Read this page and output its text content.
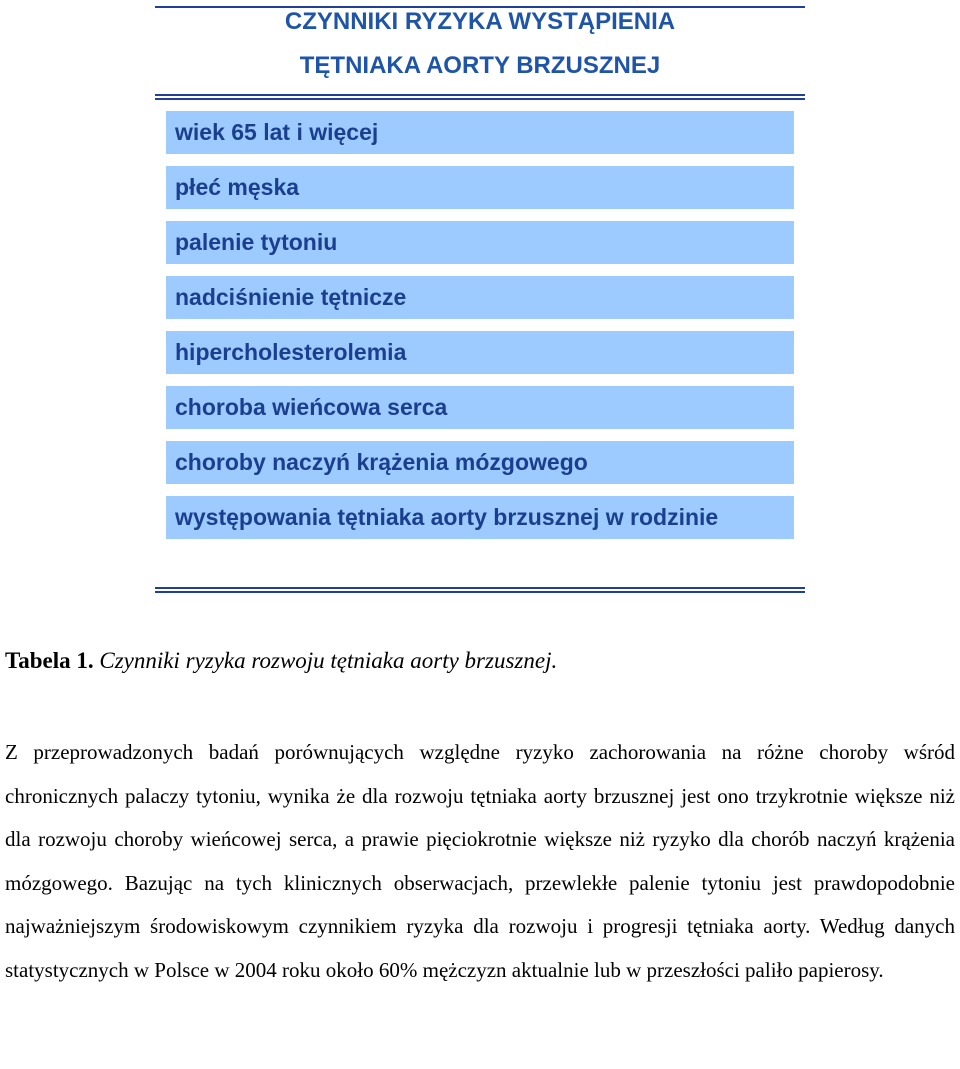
CZYNNIKI RYZYKA WYSTĄPIENIA
TĘTNIAKA AORTY BRZUSZNEJ
wiek 65 lat i więcej
płeć męska
palenie tytoniu
nadciśnienie tętnicze
hipercholesterolemia
choroba wieńcowa serca
choroby naczyń krążenia mózgowego
występowania tętniaka aorty brzusznej w rodzinie
Tabela 1. Czynniki ryzyka rozwoju tętniaka aorty brzusznej.

Z przeprowadzonych badań porównujących względne ryzyko zachorowania na różne choroby wśród chronicznych palaczy tytoniu, wynika że dla rozwoju tętniaka aorty brzusznej jest ono trzykrotnie większe niż dla rozwoju choroby wieńcowej serca, a prawie pięciokrotnie większe niż ryzyko dla chorób naczyń krążenia mózgowego. Bazując na tych klinicznych obserwacjach, przewlekłe palenie tytoniu jest prawdopodobnie najważniejszym środowiskowym czynnikiem ryzyka dla rozwoju i progresji tętniaka aorty. Według danych statystycznych w Polsce w 2004 roku około 60% mężczyzn aktualnie lub w przeszłości paliło papierosy.
